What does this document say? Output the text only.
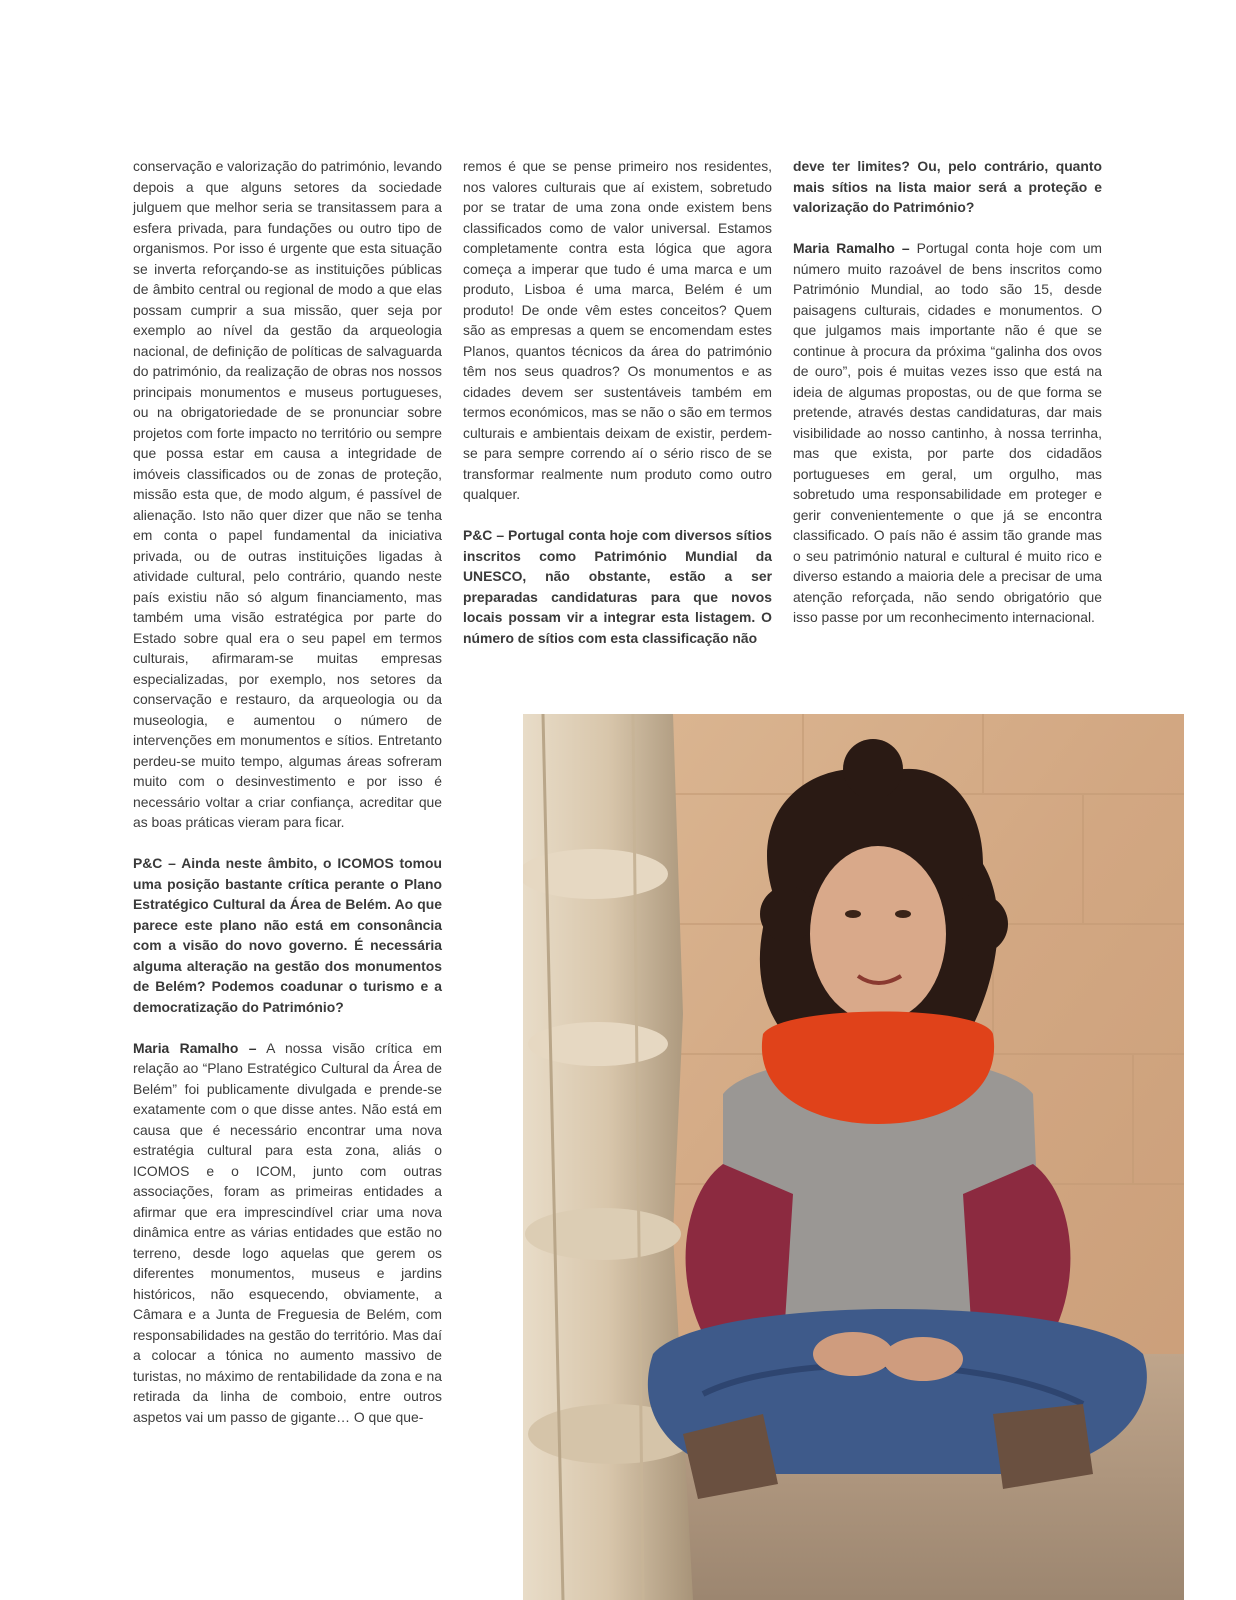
conservação e valorização do património, levando depois a que alguns setores da sociedade julguem que melhor seria se transitassem para a esfera privada, para fundações ou outro tipo de organismos. Por isso é urgente que esta situação se inverta reforçando-se as instituições públicas de âmbito central ou regional de modo a que elas possam cumprir a sua missão, quer seja por exemplo ao nível da gestão da arqueologia nacional, de definição de políticas de salvaguarda do património, da realização de obras nos nossos principais monumentos e museus portugueses, ou na obrigatoriedade de se pronunciar sobre projetos com forte impacto no território ou sempre que possa estar em causa a integridade de imóveis classificados ou de zonas de proteção, missão esta que, de modo algum, é passível de alienação. Isto não quer dizer que não se tenha em conta o papel fundamental da iniciativa privada, ou de outras instituições ligadas à atividade cultural, pelo contrário, quando neste país existiu não só algum financiamento, mas também uma visão estratégica por parte do Estado sobre qual era o seu papel em termos culturais, afirmaram-se muitas empresas especializadas, por exemplo, nos setores da conservação e restauro, da arqueologia ou da museologia, e aumentou o número de intervenções em monumentos e sítios. Entretanto perdeu-se muito tempo, algumas áreas sofreram muito com o desinvestimento e por isso é necessário voltar a criar confiança, acreditar que as boas práticas vieram para ficar.

P&C – Ainda neste âmbito, o ICOMOS tomou uma posição bastante crítica perante o Plano Estratégico Cultural da Área de Belém. Ao que parece este plano não está em consonância com a visão do novo governo. É necessária alguma alteração na gestão dos monumentos de Belém? Podemos coadunar o turismo e a democratização do Património?

Maria Ramalho – A nossa visão crítica em relação ao “Plano Estratégico Cultural da Área de Belém” foi publicamente divulgada e prende-se exatamente com o que disse antes. Não está em causa que é necessário encontrar uma nova estratégia cultural para esta zona, aliás o ICOMOS e o ICOM, junto com outras associações, foram as primeiras entidades a afirmar que era imprescindível criar uma nova dinâmica entre as várias entidades que estão no terreno, desde logo aquelas que gerem os diferentes monumentos, museus e jardins históricos, não esquecendo, obviamente, a Câmara e a Junta de Freguesia de Belém, com responsabilidades na gestão do território. Mas daí a colocar a tónica no aumento massivo de turistas, no máximo de rentabilidade da zona e na retirada da linha de comboio, entre outros aspetos vai um passo de gigante… O que que-

remos é que se pense primeiro nos residentes, nos valores culturais que aí existem, sobretudo por se tratar de uma zona onde existem bens classificados como de valor universal. Estamos completamente contra esta lógica que agora começa a imperar que tudo é uma marca e um produto, Lisboa é uma marca, Belém é um produto! De onde vêm estes conceitos? Quem são as empresas a quem se encomendam estes Planos, quantos técnicos da área do património têm nos seus quadros? Os monumentos e as cidades devem ser sustentáveis também em termos económicos, mas se não o são em termos culturais e ambientais deixam de existir, perdem-se para sempre correndo aí o sério risco de se transformar realmente num produto como outro qualquer.

P&C – Portugal conta hoje com diversos sítios inscritos como Património Mundial da UNESCO, não obstante, estão a ser preparadas candidaturas para que novos locais possam vir a integrar esta listagem. O número de sítios com esta classificação não

deve ter limites? Ou, pelo contrário, quanto mais sítios na lista maior será a proteção e valorização do Património?

Maria Ramalho – Portugal conta hoje com um número muito razoável de bens inscritos como Património Mundial, ao todo são 15, desde paisagens culturais, cidades e monumentos. O que julgamos mais importante não é que se continue à procura da próxima “galinha dos ovos de ouro”, pois é muitas vezes isso que está na ideia de algumas propostas, ou de que forma se pretende, através destas candidaturas, dar mais visibilidade ao nosso cantinho, à nossa terrinha, mas que exista, por parte dos cidadãos portugueses em geral, um orgulho, mas sobretudo uma responsabilidade em proteger e gerir convenientemente o que já se encontra classificado. O país não é assim tão grande mas o seu património natural e cultural é muito rico e diverso estando a maioria dele a precisar de uma atenção reforçada, não sendo obrigatório que isso passe por um reconhecimento internacional.
